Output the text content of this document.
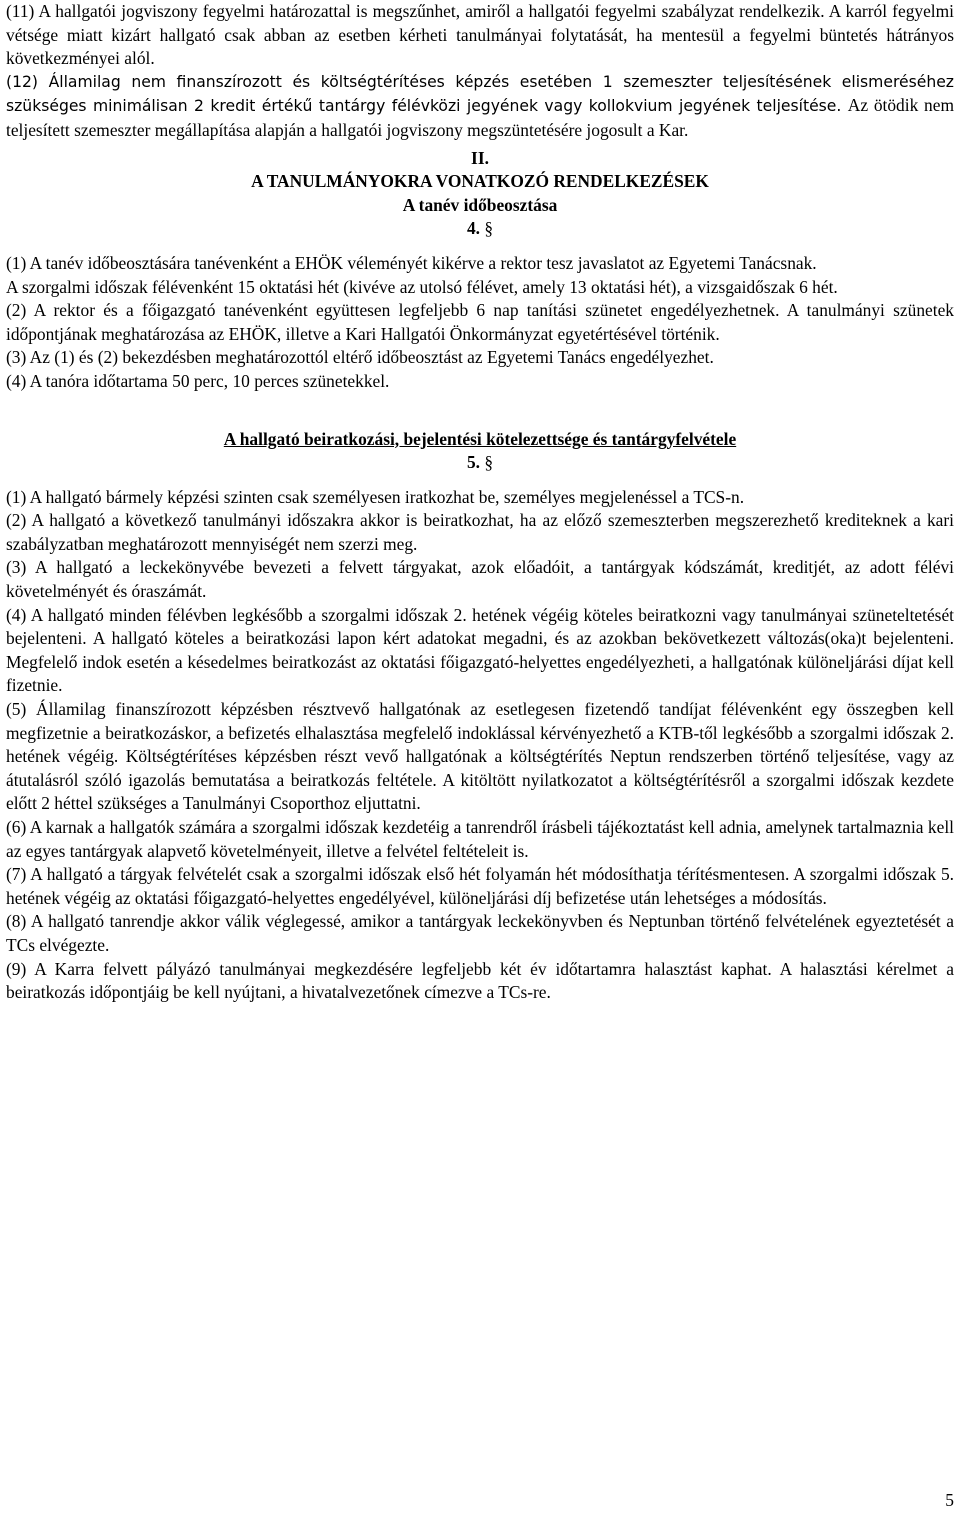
(11) A hallgatói jogviszony fegyelmi határozattal is megszűnhet, amiről a hallgatói fegyelmi szabályzat rendelkezik. A karról fegyelmi vétsége miatt kizárt hallgató csak abban az esetben kérheti tanulmányai folytatását, ha mentesül a fegyelmi büntetés hátrányos következményei alól.

(12) Államilag nem finanszírozott és költségtérítéses képzés esetében 1 szemeszter teljesítésének elismeréséhez szükséges minimálisan 2 kredit értékű tantárgy félévközi jegyének vagy kollokvium jegyének teljesítése. Az ötödik nem teljesített szemeszter megállapítása alapján a hallgatói jogviszony megszüntetésére jogosult a Kar.

II.

A TANULMÁNYOKRA VONATKOZÓ RENDELKEZÉSEK

A tanév időbeosztása

4. §

(1) A tanév időbeosztására tanévenként a EHÖK véleményét kikérve a rektor tesz javaslatot az Egyetemi Tanácsnak.

A szorgalmi időszak félévenként 15 oktatási hét (kivéve az utolsó félévet, amely 13 oktatási hét), a vizsgaidőszak 6 hét.

(2) A rektor és a főigazgató tanévenként együttesen legfeljebb 6 nap tanítási szünetet engedélyezhetnek. A tanulmányi szünetek időpontjának meghatározása az EHÖK, illetve a Kari Hallgatói Önkormányzat egyetértésével történik.

(3) Az (1) és (2) bekezdésben meghatározottól eltérő időbeosztást az Egyetemi Tanács engedélyezhet.

(4) A tanóra időtartama 50 perc, 10 perces szünetekkel.

A hallgató beiratkozási, bejelentési kötelezettsége és tantárgyfelvétele

5. §

(1) A hallgató bármely képzési szinten csak személyesen iratkozhat be, személyes megjelenéssel a TCS-n.

(2) A hallgató a következő tanulmányi időszakra akkor is beiratkozhat, ha az előző szemeszterben megszerezhető krediteknek a kari szabályzatban meghatározott mennyiségét nem szerzi meg.

(3) A hallgató a leckekönyvébe bevezeti a felvett tárgyakat, azok előadóit, a tantárgyak kódszámát, kreditjét, az adott félévi követelményét és óraszámát.

(4) A hallgató minden félévben legkésőbb a szorgalmi időszak 2. hetének végéig köteles beiratkozni vagy tanulmányai szüneteltetését bejelenteni. A hallgató köteles a beiratkozási lapon kért adatokat megadni, és az azokban bekövetkezett változás(oka)t bejelenteni. Megfelelő indok esetén a késedelmes beiratkozást az oktatási főigazgató-helyettes engedélyezheti, a hallgatónak különeljárási díjat kell fizetnie.

(5) Államilag finanszírozott képzésben résztvevő hallgatónak az esetlegesen fizetendő tandíjat félévenként egy összegben kell megfizetnie a beiratkozáskor, a befizetés elhalasztása megfelelő indoklással kérvényezhető a KTB-től legkésőbb a szorgalmi időszak 2. hetének végéig. Költségtérítéses képzésben részt vevő hallgatónak a költségtérítés Neptun rendszerben történő teljesítése, vagy az átutalásról szóló igazolás bemutatása a beiratkozás feltétele. A kitöltött nyilatkozatot a költségtérítésről a szorgalmi időszak kezdete előtt 2 héttel szükséges a Tanulmányi Csoporthoz eljuttatni.

(6) A karnak a hallgatók számára a szorgalmi időszak kezdetéig a tanrendről írásbeli tájékoztatást kell adnia, amelynek tartalmaznia kell az egyes tantárgyak alapvető követelményeit, illetve a felvétel feltételeit is.

(7) A hallgató a tárgyak felvételét csak a szorgalmi időszak első hét folyamán hét módosíthatja térítésmentesen. A szorgalmi időszak 5. hetének végéig az oktatási főigazgató-helyettes engedélyével, különeljárási díj befizetése után lehetséges a módosítás.

(8) A hallgató tanrendje akkor válik véglegessé, amikor a tantárgyak leckekönyvben és Neptunban történő felvételének egyeztetését a TCs elvégezte.

(9) A Karra felvett pályázó tanulmányai megkezdésére legfeljebb két év időtartamra halasztást kaphat. A halasztási kérelmet a beiratkozás időpontjáig be kell nyújtani, a hivatalvezetőnek címezve a TCs-re.

5
